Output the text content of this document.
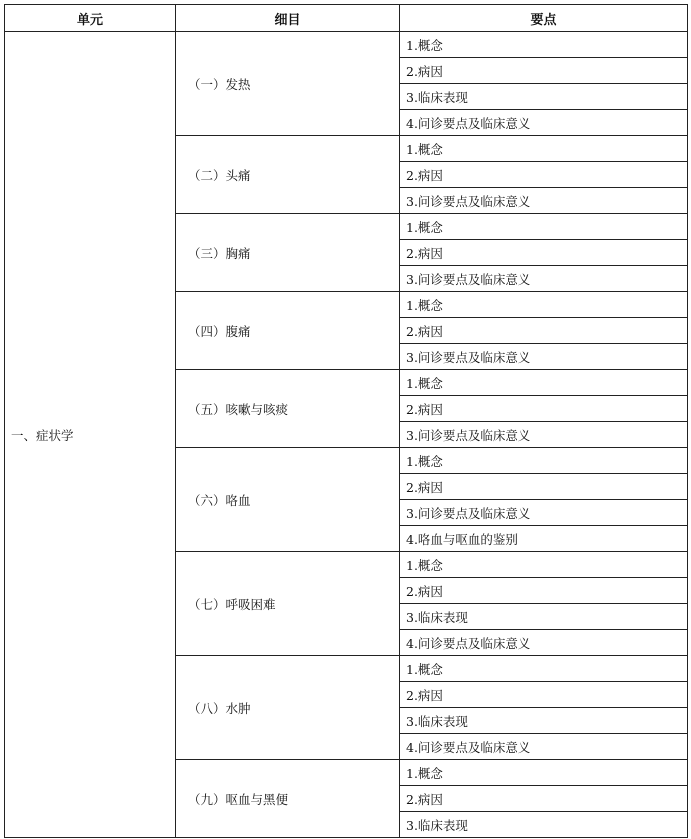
单元	细目	要点
一、症状学	（一）发热	1.概念
		2.病因
		3.临床表现
		4.问诊要点及临床意义
	（二）头痛	1.概念
		2.病因
		3.问诊要点及临床意义
	（三）胸痛	1.概念
		2.病因
		3.问诊要点及临床意义
	（四）腹痛	1.概念
		2.病因
		3.问诊要点及临床意义
	（五）咳嗽与咳痰	1.概念
		2.病因
		3.问诊要点及临床意义
	（六）咯血	1.概念
		2.病因
		3.问诊要点及临床意义
		4.咯血与呕血的鉴别
	（七）呼吸困难	1.概念
		2.病因
		3.临床表现
		4.问诊要点及临床意义
	（八）水肿	1.概念
		2.病因
		3.临床表现
		4.问诊要点及临床意义
	（九）呕血与黑便	1.概念
		2.病因
		3.临床表现
